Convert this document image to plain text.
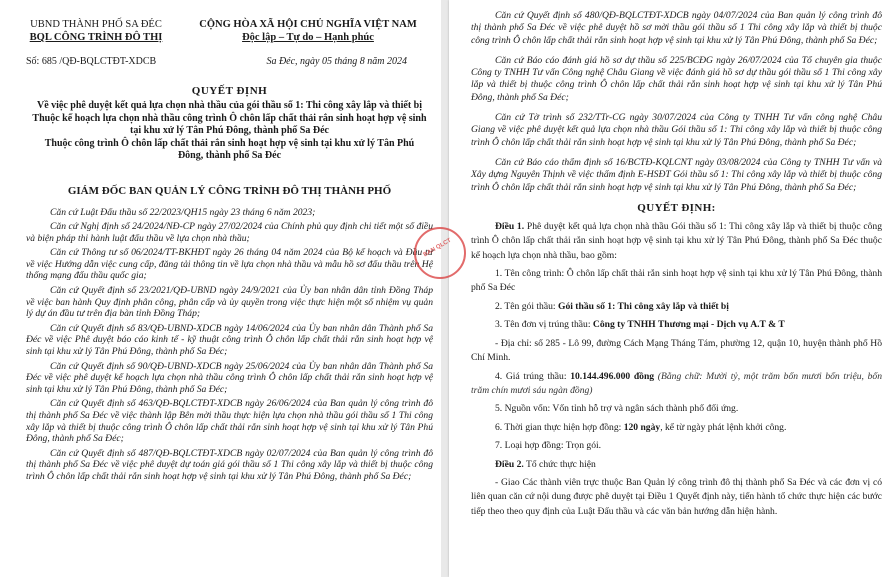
UBND THÀNH PHỐ SA ĐÉC
BQL CÔNG TRÌNH ĐÔ THỊ
CỘNG HÒA XÃ HỘI CHỦ NGHĨA VIỆT NAM
Độc lập – Tự do – Hạnh phúc
Số: 685 /QĐ-BQLCTĐT-XDCB	Sa Đéc, ngày 05 tháng 8 năm 2024
QUYẾT ĐỊNH

Về việc phê duyệt kết quả lựa chọn nhà thầu của gói thầu số 1: Thi công xây lắp và thiết bị

Thuộc kế hoạch lựa chọn nhà thầu công trình Ô chôn lấp chất thải rắn sinh hoạt hợp vệ sinh tại khu xử lý Tân Phú Đông, thành phố Sa Đéc

Thuộc công trình Ô chôn lấp chất thải rắn sinh hoạt hợp vệ sinh tại khu xử lý Tân Phú Đông, thành phố Sa Đéc

GIÁM ĐỐC BAN QUẢN LÝ CÔNG TRÌNH ĐÔ THỊ THÀNH PHỐ

Căn cứ Luật Đấu thầu số 22/2023/QH15 ngày 23 tháng 6 năm 2023;

Căn cứ Nghị định số 24/2024/NĐ-CP ngày 27/02/2024 của Chính phủ quy định chi tiết một số điều và biện pháp thi hành luật đấu thầu về lựa chọn nhà thầu;

Căn cứ Thông tư số 06/2024/TT-BKHĐT ngày 26 tháng 04 năm 2024 của Bộ kế hoạch và Đầu tư về việc Hướng dẫn việc cung cấp, đăng tải thông tin về lựa chọn nhà thầu và mẫu hồ sơ đấu thầu trên Hệ thống mạng đấu thầu quốc gia;

Căn cứ Quyết định số 23/2021/QĐ-UBND ngày 24/9/2021 của Ủy ban nhân dân tỉnh Đồng Tháp về việc ban hành Quy định phân công, phân cấp và ủy quyền trong việc thực hiện một số nhiệm vụ quản lý dự án đầu tư trên địa bàn tỉnh Đồng Tháp;

Căn cứ Quyết định số 83/QĐ-UBND-XDCB ngày 14/06/2024 của Ủy ban nhân dân Thành phố Sa Đéc về việc Phê duyệt báo cáo kinh tế - kỹ thuật công trình Ô chôn lấp chất thải rắn sinh hoạt hợp vệ sinh tại khu xử lý Tân Phú Đông, thành phố Sa Đéc;

Căn cứ Quyết định số 90/QĐ-UBND-XDCB ngày 25/06/2024 của Ủy ban nhân dân Thành phố Sa Đéc về việc phê duyệt kế hoạch lựa chọn nhà thầu công trình Ô chôn lấp chất thải rắn sinh hoạt hợp vệ sinh tại khu xử lý Tân Phú Đông, thành phố Sa Đéc;

Căn cứ Quyết định số 463/QĐ-BQLCTĐT-XDCB ngày 26/06/2024 của Ban quản lý công trình đô thị thành phố Sa Đéc về việc thành lập Bên mời thầu thực hiện lựa chọn nhà thầu gói thầu số 1 Thi công xây lắp và thiết bị thuộc công trình Ô chôn lấp chất thải rắn sinh hoạt hợp vệ sinh tại khu xử lý Tân Phú Đông, thành phố Sa Đéc;

Căn cứ Quyết định số 487/QĐ-BQLCTĐT-XDCB ngày 02/07/2024 của Ban quản lý công trình đô thị thành phố Sa Đéc về việc phê duyệt dự toán giá gói thầu số 1 Thi công xây lắp và thiết bị thuộc công trình Ô chôn lấp chất thải rắn sinh hoạt hợp vệ sinh tại khu xử lý Tân Phú Đông, thành phố Sa Đéc;

Căn cứ Quyết định số 480/QĐ-BQLCTĐT-XDCB ngày 04/07/2024 của Ban quản lý công trình đô thị thành phố Sa Đéc về việc phê duyệt hồ sơ mời thầu gói thầu số 1 Thi công xây lắp và thiết bị thuộc công trình Ô chôn lấp chất thải rắn sinh hoạt hợp vệ sinh tại khu xử lý Tân Phú Đông, thành phố Sa Đéc;

Căn cứ Báo cáo đánh giá hồ sơ dự thầu số 225/BCĐG ngày 26/07/2024 của Tổ chuyên gia thuộc Công ty TNHH Tư vấn Công nghệ Châu Giang về việc đánh giá hồ sơ dự thầu gói thầu số 1 Thi công xây lắp và thiết bị thuộc công trình Ô chôn lấp chất thải rắn sinh hoạt hợp vệ sinh tại khu xử lý Tân Phú Đông, thành phố Sa Đéc;

Căn cứ Tờ trình số 232/TTr-CG ngày 30/07/2024 của Công ty TNHH Tư vấn công nghệ Châu Giang về việc phê duyệt kết quả lựa chọn nhà thầu Gói thầu số 1: Thi công xây lắp và thiết bị thuộc công trình Ô chôn lấp chất thải rắn sinh hoạt hợp vệ sinh tại khu xử lý Tân Phú Đông, thành phố Sa Đéc;

Căn cứ Báo cáo thẩm định số 16/BCTĐ-KQLCNT ngày 03/08/2024 của Công ty TNHH Tư vấn và Xây dựng Nguyên Thịnh về việc thẩm định E-HSĐT Gói thầu số 1: Thi công xây lắp và thiết bị thuộc công trình Ô chôn lấp chất thải rắn sinh hoạt hợp vệ sinh tại khu xử lý Tân Phú Đông, thành phố Sa Đéc;

QUYẾT ĐỊNH:

Điều 1. Phê duyệt kết quả lựa chọn nhà thầu Gói thầu số 1: Thi công xây lắp và thiết bị thuộc công trình Ô chôn lấp chất thải rắn sinh hoạt hợp vệ sinh tại khu xử lý Tân Phú Đông, thành phố Sa Đéc thuộc kế hoạch lựa chọn nhà thầu, bao gồm:

1. Tên công trình: Ô chôn lấp chất thải rắn sinh hoạt hợp vệ sinh tại khu xử lý Tân Phú Đông, thành phố Sa Đéc

2. Tên gói thầu: Gói thầu số 1: Thi công xây lắp và thiết bị

3. Tên đơn vị trúng thầu: Công ty TNHH Thương mại - Dịch vụ A.T & T

- Địa chỉ: số 285 - Lô 99, đường Cách Mạng Tháng Tám, phường 12, quận 10, huyện thành phố Hồ Chí Minh.

4. Giá trúng thầu: 10.144.496.000 đồng (Bằng chữ: Mười tỷ, một trăm bốn mươi bốn triệu, bốn trăm chín mươi sáu ngàn đồng)

5. Nguồn vốn: Vốn tỉnh hỗ trợ và ngân sách thành phố đối ứng.

6. Thời gian thực hiện hợp đồng: 120 ngày, kể từ ngày phát lệnh khởi công.

7. Loại hợp đồng: Trọn gói.

Điều 2. Tổ chức thực hiện

- Giao Các thành viên trực thuộc Ban Quản lý công trình đô thị thành phố Sa Đéc và các đơn vị có liên quan căn cứ nội dung được phê duyệt tại Điều 1 Quyết định này, tiến hành tổ chức thực hiện các bước tiếp theo theo quy định của Luật Đấu thầu và các văn bản hướng dẫn hiện hành.

BAN QLCT
